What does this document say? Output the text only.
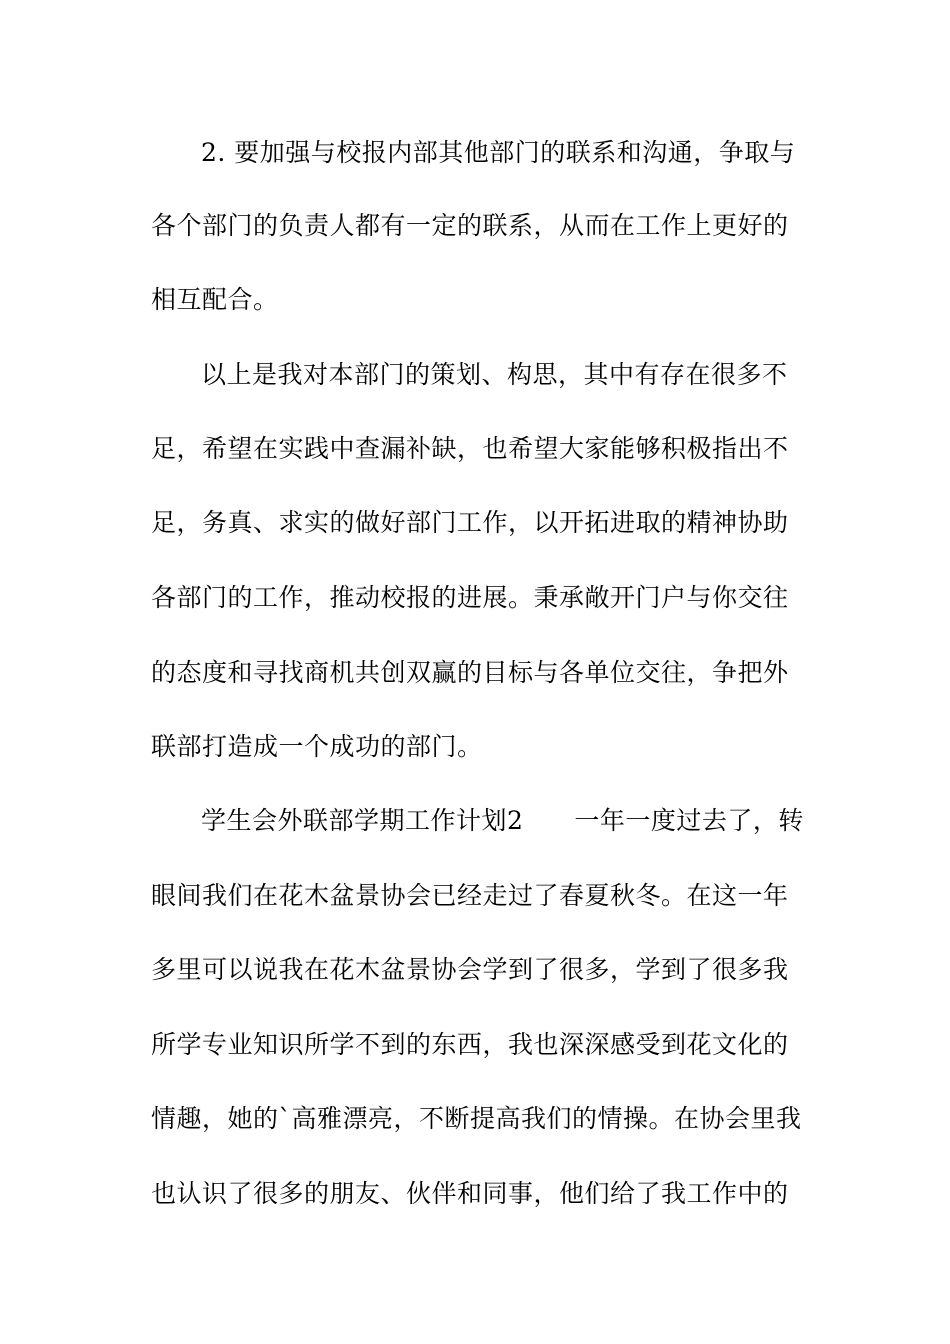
2. 要加强与校报内部其他部门的联系和沟通，争取与
各个部门的负责人都有一定的联系，从而在工作上更好的
相互配合。
以上是我对本部门的策划、构思，其中有存在很多不
足，希望在实践中查漏补缺，也希望大家能够积极指出不
足，务真、求实的做好部门工作，以开拓进取的精神协助
各部门的工作，推动校报的进展。秉承敞开门户与你交往
的态度和寻找商机共创双赢的目标与各单位交往，争把外
联部打造成一个成功的部门。
学生会外联部学期工作计划2　　一年一度过去了，转
眼间我们在花木盆景协会已经走过了春夏秋冬。在这一年
多里可以说我在花木盆景协会学到了很多，学到了很多我
所学专业知识所学不到的东西，我也深深感受到花文化的
情趣，她的`高雅漂亮，不断提高我们的情操。在协会里我
也认识了很多的朋友、伙伴和同事，他们给了我工作中的
